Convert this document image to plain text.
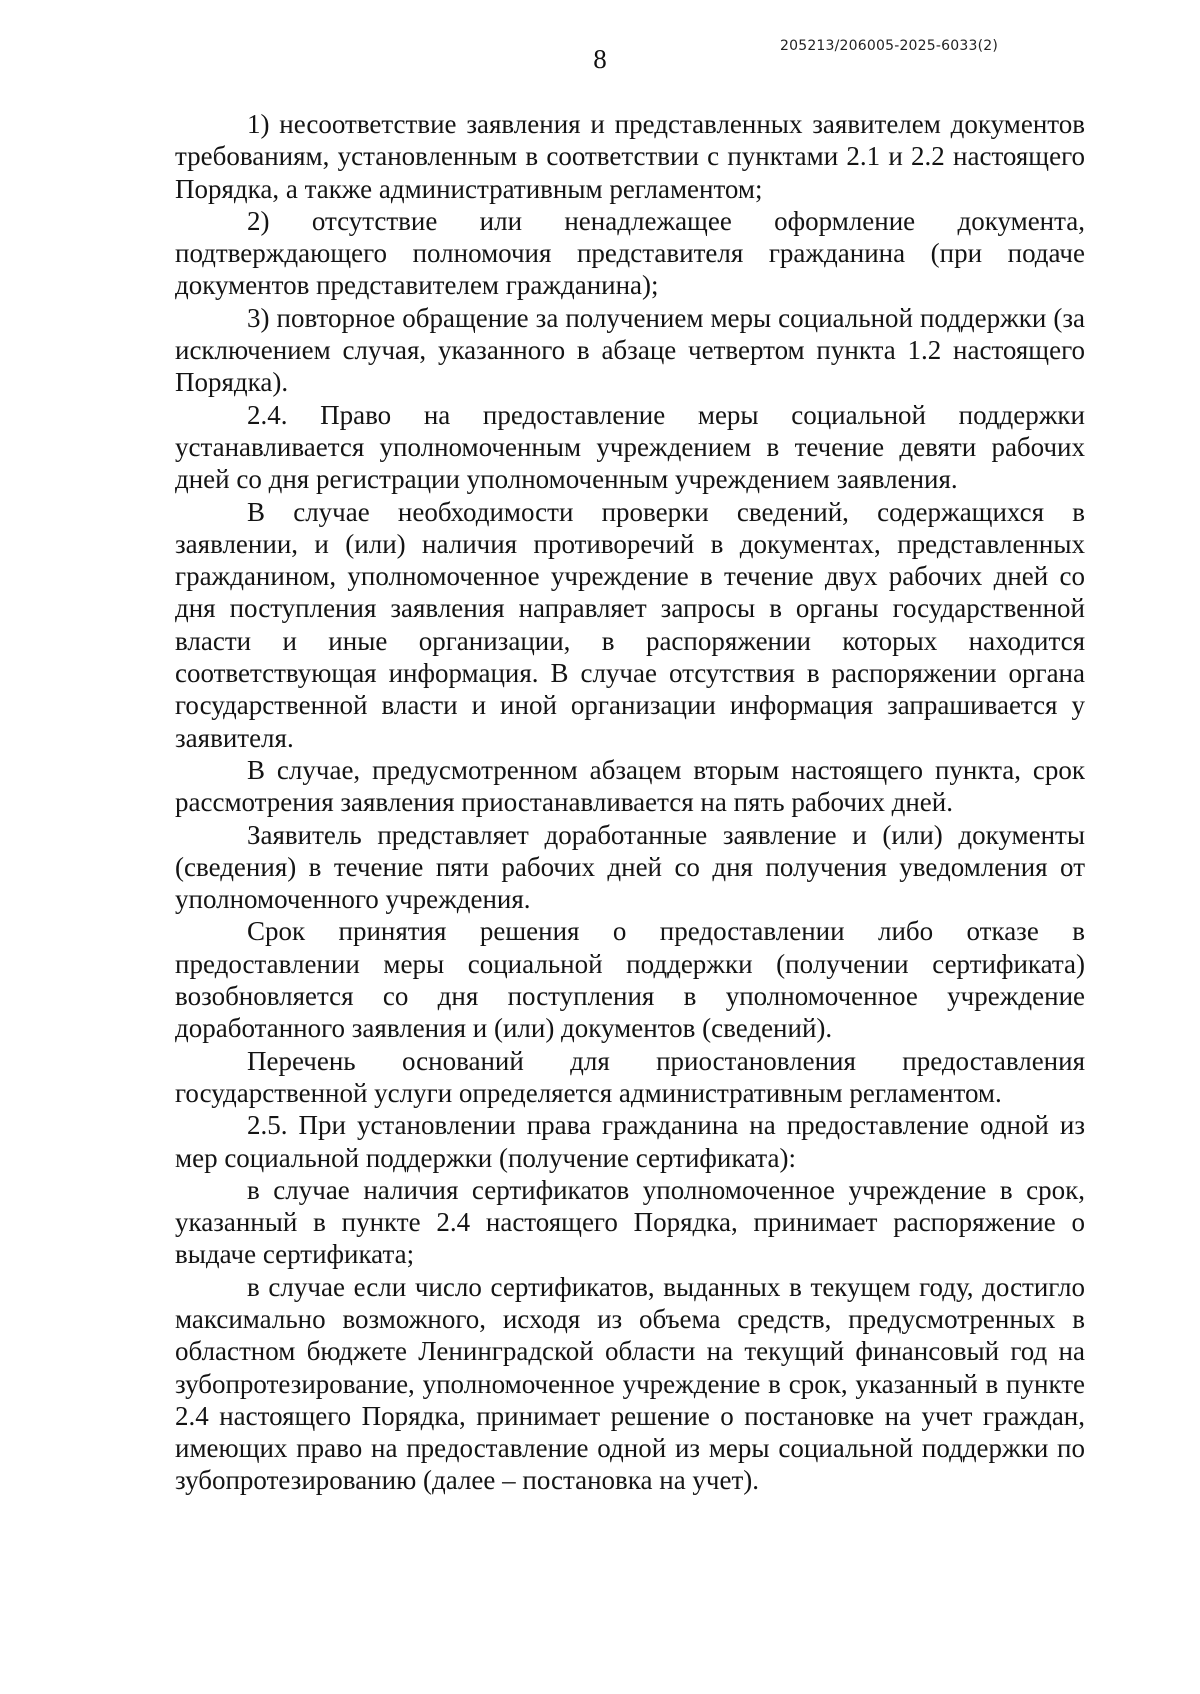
205213/206005-2025-6033(2)
8

1) несоответствие заявления и представленных заявителем документов требованиям, установленным в соответствии с пунктами 2.1 и 2.2 настоящего Порядка, а также административным регламентом;

2) отсутствие или ненадлежащее оформление документа, подтверждающего полномочия представителя гражданина (при подаче документов представителем гражданина);

3) повторное обращение за получением меры социальной поддержки (за исключением случая, указанного в абзаце четвертом пункта 1.2 настоящего Порядка).

2.4. Право на предоставление меры социальной поддержки устанавливается уполномоченным учреждением в течение девяти рабочих дней со дня регистрации уполномоченным учреждением заявления.

В случае необходимости проверки сведений, содержащихся в заявлении, и (или) наличия противоречий в документах, представленных гражданином, уполномоченное учреждение в течение двух рабочих дней со дня поступления заявления направляет запросы в органы государственной власти и иные организации, в распоряжении которых находится соответствующая информация. В случае отсутствия в распоряжении органа государственной власти и иной организации информация запрашивается у заявителя.

В случае, предусмотренном абзацем вторым настоящего пункта, срок рассмотрения заявления приостанавливается на пять рабочих дней.

Заявитель представляет доработанные заявление и (или) документы (сведения) в течение пяти рабочих дней со дня получения уведомления от уполномоченного учреждения.

Срок принятия решения о предоставлении либо отказе в предоставлении меры социальной поддержки (получении сертификата) возобновляется со дня поступления в уполномоченное учреждение доработанного заявления и (или) документов (сведений).

Перечень оснований для приостановления предоставления государственной услуги определяется административным регламентом.

2.5. При установлении права гражданина на предоставление одной из мер социальной поддержки (получение сертификата):

в случае наличия сертификатов уполномоченное учреждение в срок, указанный в пункте 2.4 настоящего Порядка, принимает распоряжение о выдаче сертификата;

в случае если число сертификатов, выданных в текущем году, достигло максимально возможного, исходя из объема средств, предусмотренных в областном бюджете Ленинградской области на текущий финансовый год на зубопротезирование, уполномоченное учреждение в срок, указанный в пункте 2.4 настоящего Порядка, принимает решение о постановке на учет граждан, имеющих право на предоставление одной из меры социальной поддержки по зубопротезированию (далее – постановка на учет).
